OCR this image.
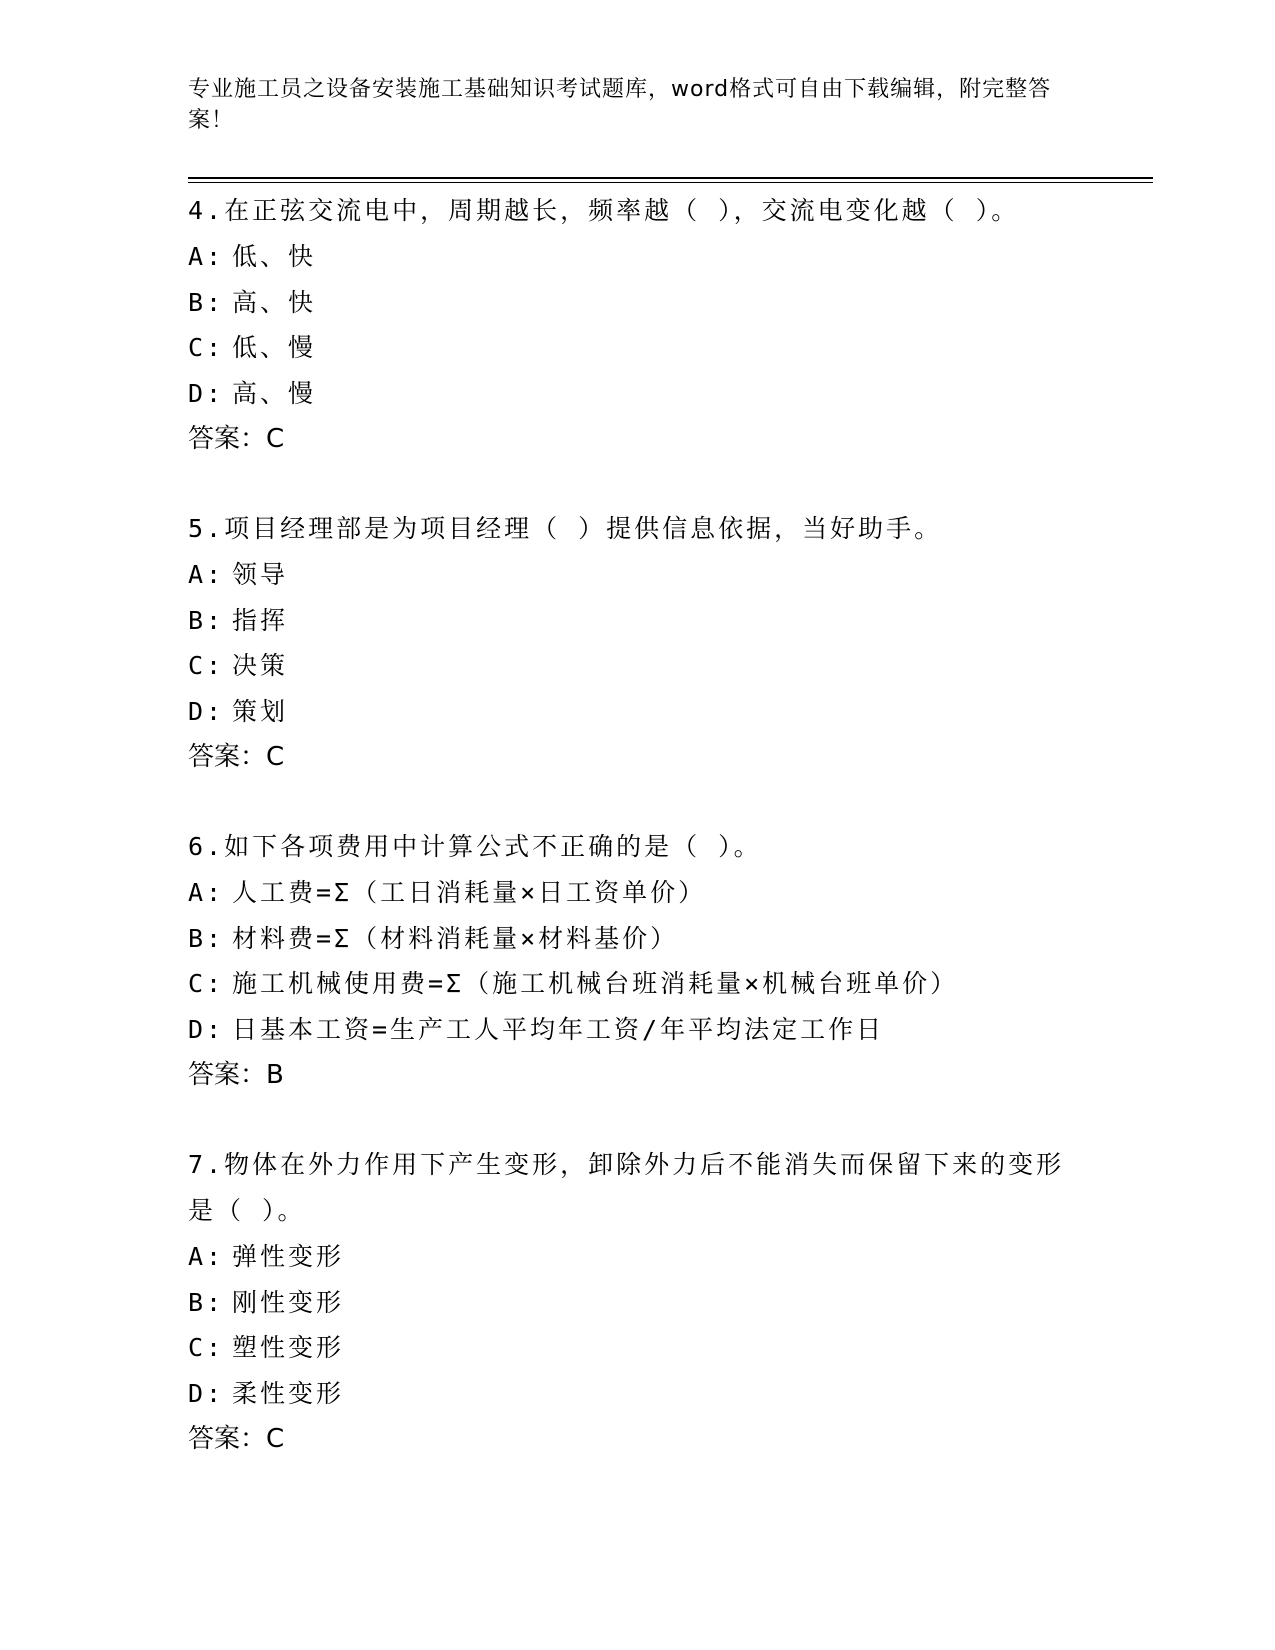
专业施工员之设备安装施工基础知识考试题库，word格式可自由下载编辑，附完整答案！

4.在正弦交流电中，周期越长，频率越（ ），交流电变化越（ ）。

A: 低、快

B: 高、快

C: 低、慢

D: 高、慢

答案：C

5.项目经理部是为项目经理（ ）提供信息依据，当好助手。

A: 领导

B: 指挥

C: 决策

D: 策划

答案：C

6.如下各项费用中计算公式不正确的是（ ）。

A: 人工费=Σ（工日消耗量×日工资单价）

B: 材料费=Σ（材料消耗量×材料基价）

C: 施工机械使用费=Σ（施工机械台班消耗量×机械台班单价）

D: 日基本工资=生产工人平均年工资/年平均法定工作日

答案：B

7.物体在外力作用下产生变形，卸除外力后不能消失而保留下来的变形是（ ）。

A: 弹性变形

B: 刚性变形

C: 塑性变形

D: 柔性变形

答案：C
